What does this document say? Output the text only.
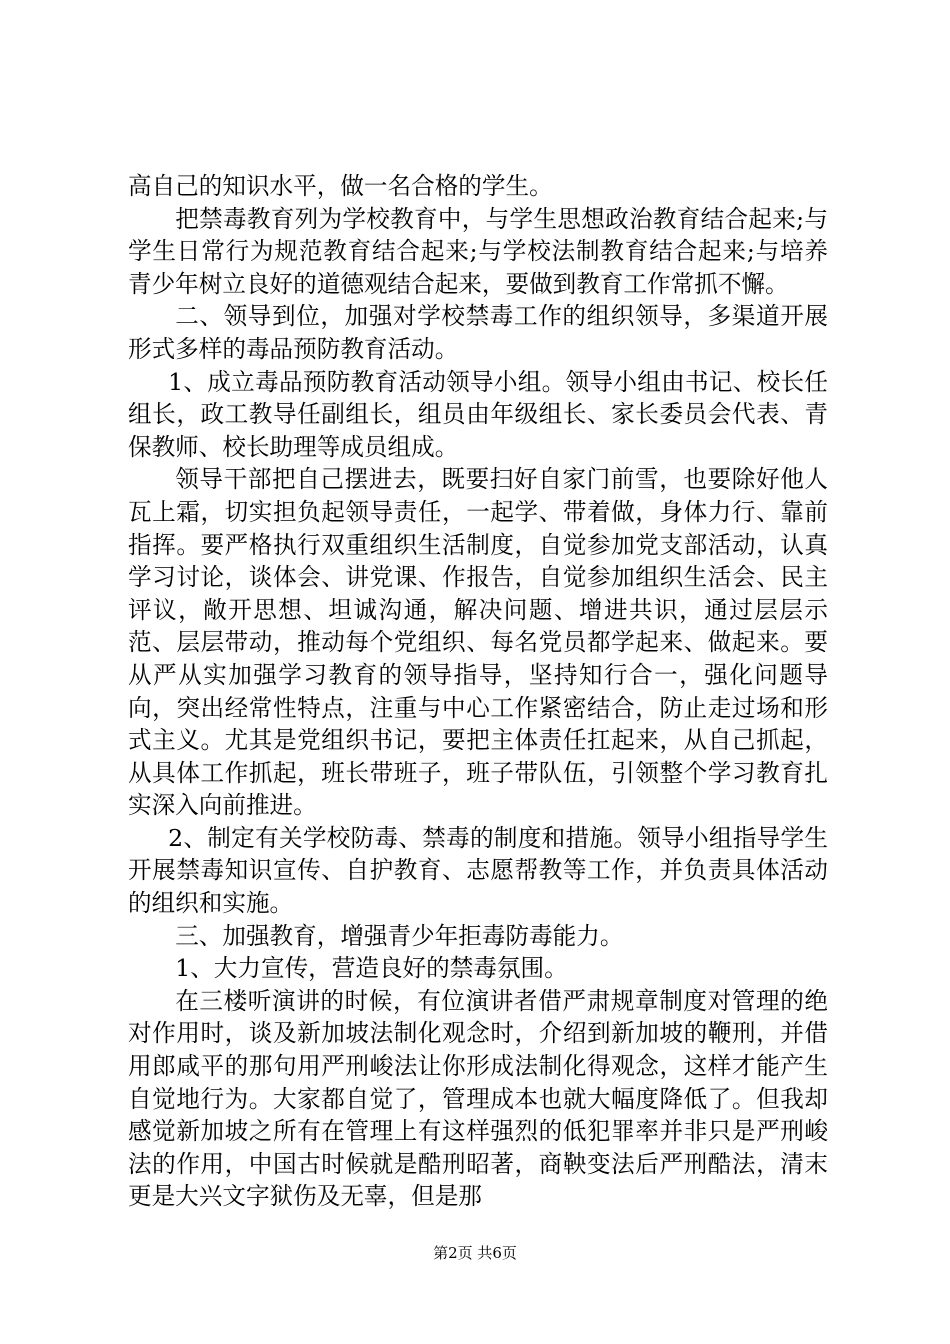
高自己的知识水平，做一名合格的学生。

把禁毒教育列为学校教育中，与学生思想政治教育结合起来;与学生日常行为规范教育结合起来;与学校法制教育结合起来;与培养青少年树立良好的道德观结合起来，要做到教育工作常抓不懈。

二、领导到位，加强对学校禁毒工作的组织领导，多渠道开展形式多样的毒品预防教育活动。

1、成立毒品预防教育活动领导小组。领导小组由书记、校长任组长，政工教导任副组长，组员由年级组长、家长委员会代表、青保教师、校长助理等成员组成。

领导干部把自己摆进去，既要扫好自家门前雪，也要除好他人瓦上霜，切实担负起领导责任，一起学、带着做，身体力行、靠前指挥。要严格执行双重组织生活制度，自觉参加党支部活动，认真学习讨论，谈体会、讲党课、作报告，自觉参加组织生活会、民主评议，敞开思想、坦诚沟通，解决问题、增进共识，通过层层示范、层层带动，推动每个党组织、每名党员都学起来、做起来。要从严从实加强学习教育的领导指导，坚持知行合一，强化问题导向，突出经常性特点，注重与中心工作紧密结合，防止走过场和形式主义。尤其是党组织书记，要把主体责任扛起来，从自己抓起，从具体工作抓起，班长带班子，班子带队伍，引领整个学习教育扎实深入向前推进。

2、制定有关学校防毒、禁毒的制度和措施。领导小组指导学生开展禁毒知识宣传、自护教育、志愿帮教等工作，并负责具体活动的组织和实施。

三、加强教育，增强青少年拒毒防毒能力。

1、大力宣传，营造良好的禁毒氛围。

在三楼听演讲的时候，有位演讲者借严肃规章制度对管理的绝对作用时，谈及新加坡法制化观念时，介绍到新加坡的鞭刑，并借用郎咸平的那句用严刑峻法让你形成法制化得观念，这样才能产生自觉地行为。大家都自觉了，管理成本也就大幅度降低了。但我却感觉新加坡之所有在管理上有这样强烈的低犯罪率并非只是严刑峻法的作用，中国古时候就是酷刑昭著，商鞅变法后严刑酷法，清末更是大兴文字狱伤及无辜，但是那

第2页 共6页
